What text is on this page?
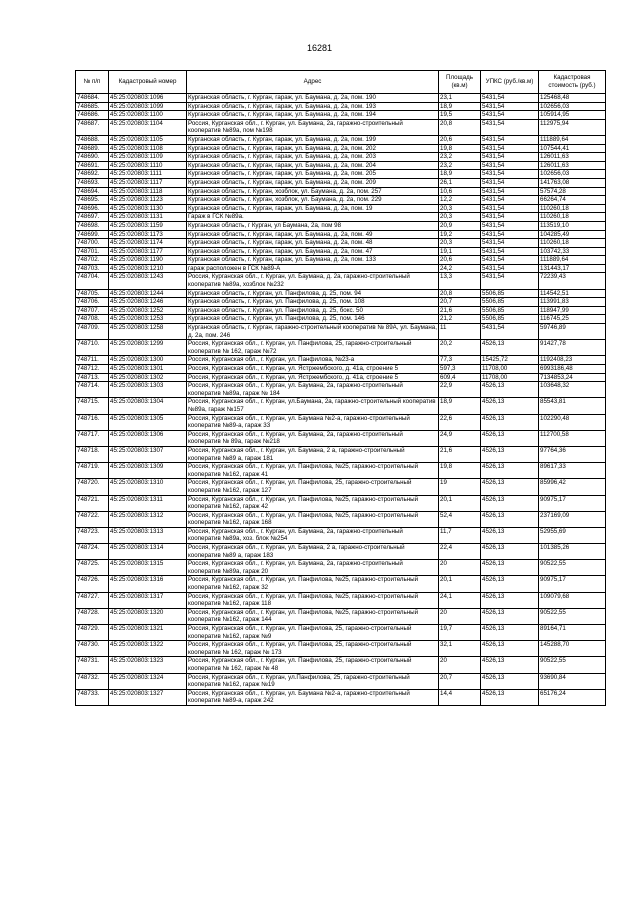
16281
№ п/п	Кадастровый номер	Адрес	Площадь (кв.м)	УПКС (руб./кв.м)	Кадастровая стоимость (руб.)
748684.	45:25:020803:1096	Курганская область, г. Курган, гараж, ул. Баумана, д. 2а, пом. 190	23,1	5431,54	125468,48
748685.	45:25:020803:1099	Курганская область, г. Курган, гараж, ул. Баумана, д. 2а, пом. 193	18,9	5431,54	102656,03
748686.	45:25:020803:1100	Курганская область, г. Курган, гараж, ул. Баумана, д. 2а, пом. 194	19,5	5431,54	105914,95
748687.	45:25:020803:1104	Россия, Курганская обл., г. Курган, ул. Баумана, 2а, гаражно-строительный кооператив №89а, пом №198	20,8	5431,54	112975,94
748688.	45:25:020803:1105	Курганская область, г. Курган, гараж, ул. Баумана, д. 2а, пом. 199	20,6	5431,54	111889,64
748689.	45:25:020803:1108	Курганская область, г. Курган, гараж, ул. Баумана, д. 2а, пом. 202	19,8	5431,54	107544,41
748690.	45:25:020803:1109	Курганская область, г. Курган, гараж, ул. Баумана, д. 2а, пом. 203	23,2	5431,54	126011,63
748691.	45:25:020803:1110	Курганская область, г. Курган, гараж, ул. Баумана, д. 2а, пом. 204	23,2	5431,54	126011,63
748692.	45:25:020803:1111	Курганская область, г. Курган, гараж, ул. Баумана, д. 2а, пом. 205	18,9	5431,54	102656,03
748693.	45:25:020803:1117	Курганская область, г. Курган, гараж, ул. Баумана, д. 2а, пом. 209	26,1	5431,54	141763,08
748694.	45:25:020803:1118	Курганская область, г. Курган, хозблок, ул. Баумана, д. 2а, пом. 257	10,6	5431,54	57574,28
748695.	45:25:020803:1123	Курганская область, г. Курган, хозблок, ул. Баумана, д. 2а, пом. 229	12,2	5431,54	66264,74
748696.	45:25:020803:1130	Курганская область, г. Курган, гараж, ул. Баумана, д. 2а, пом. 19	20,3	5431,54	110260,18
748697.	45:25:020803:1131	Гараж в ГСК №89а.	20,3	5431,54	110260,18
748698.	45:25:020803:1159	Курганская область, г Курган, ул Баумана, 2а, пом 98	20,9	5431,54	113519,10
748699.	45:25:020803:1173	Курганская область, г. Курган, гараж, ул. Баумана, д. 2а, пом. 49	19,2	5431,54	104285,49
748700.	45:25:020803:1174	Курганская область, г. Курган, гараж, ул. Баумана, д. 2а, пом. 48	20,3	5431,54	110260,18
748701.	45:25:020803:1177	Курганская область, г. Курган, гараж, ул. Баумана, д. 2а, пом. 47	19,1	5431,54	103742,33
748702.	45:25:020803:1190	Курганская область, г. Курган, гараж, ул. Баумана, д. 2а, пом. 133	20,6	5431,54	111889,64
748703.	45:25:020803:1210	гараж расположен в ГСК №89-А	24,2	5431,54	131443,17
748704.	45:25:020803:1243	Россия, Курганская обл., г. Курган, ул. Баумана, д. 2а, гаражно-строительный кооператив №89а, хозблок №232	13,3	5431,54	72239,43
748705.	45:25:020803:1244	Курганская область, г. Курган, ул. Панфилова, д. 25, пом. 94	20,8	5506,85	114542,51
748706.	45:25:020803:1246	Курганская область, г. Курган, ул. Панфилова, д. 25, пом. 108	20,7	5506,85	113991,83
748707.	45:25:020803:1252	Курганская область, г. Курган, ул. Панфилова, д. 25, бокс. 50	21,6	5506,85	118947,99
748708.	45:25:020803:1253	Курганская область, г. Курган, ул. Панфилова, д. 25, пом. 146	21,2	5506,85	116745,25
748709.	45:25:020803:1258	Курганская область, г. Курган, гаражно-строительный кооператив № 89А, ул. Баумана, д. 2а, пом. 246	11	5431,54	59746,89
748710.	45:25:020803:1299	Россия, Курганская обл., г. Курган, ул. Панфилова, 25, гаражно-строительный кооператив № 162, гараж №72	20,2	4526,13	91427,78
748711.	45:25:020803:1300	Россия, Курганская обл., г. Курган, ул. Панфилова, №23-а	77,3	15425,72	1192408,23
748712.	45:25:020803:1301	Россия, Курганская обл., г. Курган, ул. Ястржембского, д. 41а, строение 5	597,3	11708,00	6993186,48
748713.	45:25:020803:1302	Россия, Курганская обл., г. Курган, ул. Ястржембского, д. 41а, строение 5	609,4	11708,00	7134853,24
748714.	45:25:020803:1303	Россия, Курганская обл., г. Курган, ул. Баумана, 2а, гаражно-строительный кооператив №89а, гараж № 184	22,9	4526,13	103648,32
748715.	45:25:020803:1304	Россия, Курганская обл., г. Курган, ул.Баумана, 2а, гаражно-строительный кооператив №89а, гараж №157	18,9	4526,13	85543,81
748716.	45:25:020803:1305	Россия, Курганская обл., г. Курган, ул. Баумана №2-а, гаражно-строительный кооператив №89-а, гараж 33	22,6	4526,13	102290,48
748717.	45:25:020803:1306	Россия, Курганская обл., г. Курган, ул. Баумана, 2а, гаражно-строительный кооператив № 89а, гараж №218	24,9	4526,13	112700,58
748718.	45:25:020803:1307	Россия, Курганская обл., г. Курган, ул. Баумана, 2 а, гаражно-строительный кооператив №89 а, гараж 181	21,6	4526,13	97764,36
748719.	45:25:020803:1309	Россия, Курганская обл., г. Курган, ул. Панфилова, №25, гаражно-строительный кооператив №162, гараж 41	19,8	4526,13	89617,33
748720.	45:25:020803:1310	Россия, Курганская обл., г. Курган, ул. Панфилова, 25, гаражно-строительный кооператив №162, гараж 127	19	4526,13	85996,42
748721.	45:25:020803:1311	Россия, Курганская обл., г. Курган, ул. Панфилова, №25, гаражно-строительный кооператив №162, гараж 42	20,1	4526,13	90975,17
748722.	45:25:020803:1312	Россия, Курганская обл., г. Курган, ул. Панфилова, №25, гаражно-строительный кооператив №162, гараж 168	52,4	4526,13	237169,09
748723.	45:25:020803:1313	Россия, Курганская обл., г. Курган, ул. Баумана, 2а, гаражно-строительный кооператив №89а, хоз. блок №254	11,7	4526,13	52955,69
748724.	45:25:020803:1314	Россия, Курганская обл., г. Курган, ул. Баумана, 2 а, гаражно-строительный кооператив №89 а, гараж 183	22,4	4526,13	101385,26
748725.	45:25:020803:1315	Россия, Курганская обл., г. Курган, ул. Баумана, 2а, гаражно-строительный кооператив №89а, гараж 20	20	4526,13	90522,55
748726.	45:25:020803:1316	Россия, Курганская обл., г. Курган, ул. Панфилова, №25, гаражно-строительный кооператив №162, гараж 32	20,1	4526,13	90975,17
748727.	45:25:020803:1317	Россия, Курганская обл., г. Курган, ул. Панфилова, №25, гаражно-строительный кооператив №162, гараж 118	24,1	4526,13	109079,68
748728.	45:25:020803:1320	Россия, Курганская обл., г. Курган, ул. Панфилова, №25, гаражно-строительный кооператив №162, гараж 144	20	4526,13	90522,55
748729.	45:25:020803:1321	Россия, Курганская обл., г. Курган, ул. Панфилова, 25, гаражно-строительный кооператив №162, гараж №9	19,7	4526,13	89164,71
748730.	45:25:020803:1322	Россия, Курганская обл., г. Курган, ул. Панфилова, 25, гаражно-строительный кооператив № 162, гараж № 173	32,1	4526,13	145288,70
748731.	45:25:020803:1323	Россия, Курганская обл., г. Курган, ул. Панфилова, 25, гаражно-строительный кооператив № 162, гараж № 48	20	4526,13	90522,55
748732.	45:25:020803:1324	Россия, Курганская обл., г. Курган, ул.Панфилова, 25, гаражно-строительный кооператив №162, гараж №19	20,7	4526,13	93690,84
748733.	45:25:020803:1327	Россия, Курганская обл., г. Курган, ул. Баумана №2-а, гаражно-строительный кооператив №89-а, гараж 242	14,4	4526,13	65176,24
